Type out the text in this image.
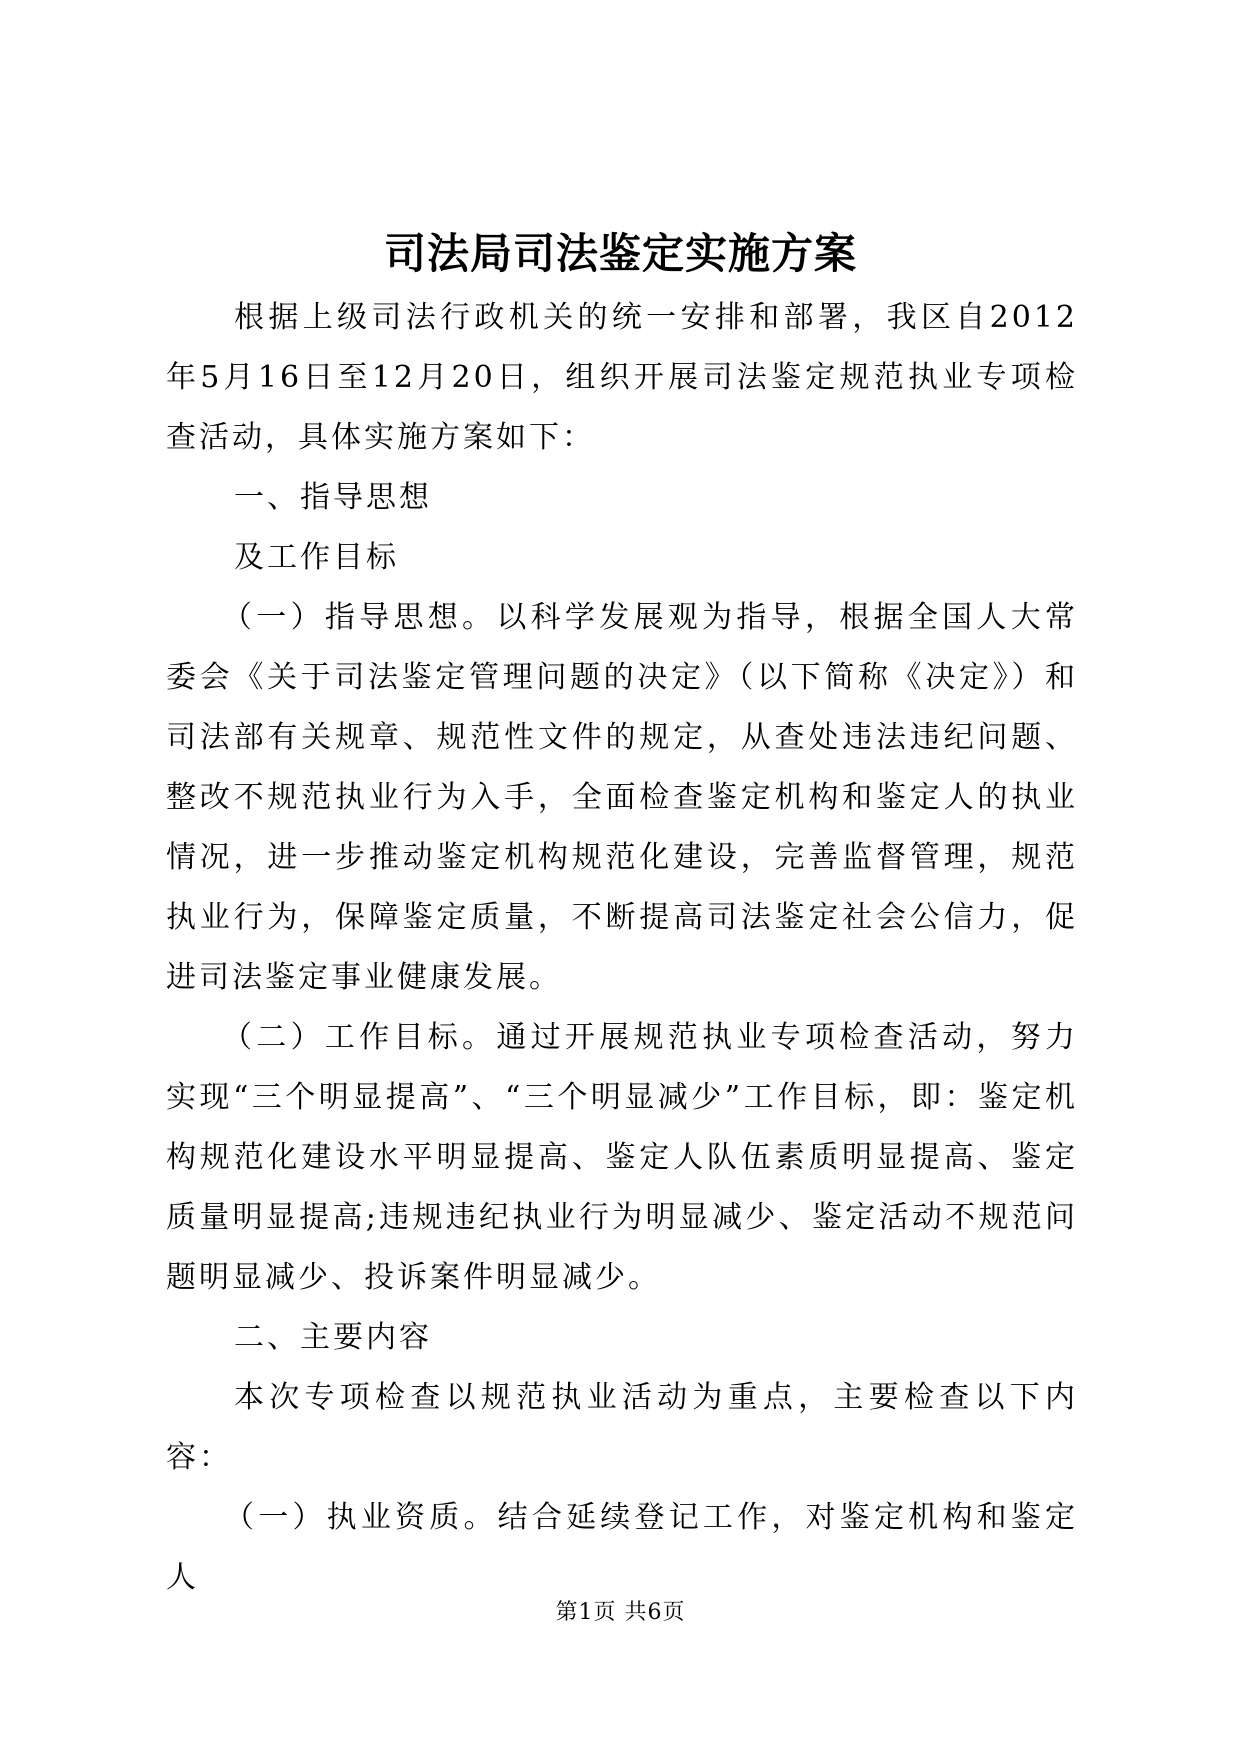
司法局司法鉴定实施方案

根据上级司法行政机关的统一安排和部署，我区自2012年5月16日至12月20日，组织开展司法鉴定规范执业专项检查活动，具体实施方案如下：

一、指导思想

及工作目标

（一）指导思想。以科学发展观为指导，根据全国人大常委会《关于司法鉴定管理问题的决定》（以下简称《决定》）和司法部有关规章、规范性文件的规定，从查处违法违纪问题、整改不规范执业行为入手，全面检查鉴定机构和鉴定人的执业情况，进一步推动鉴定机构规范化建设，完善监督管理，规范执业行为，保障鉴定质量，不断提高司法鉴定社会公信力，促进司法鉴定事业健康发展。

（二）工作目标。通过开展规范执业专项检查活动，努力实现“三个明显提高”、“三个明显减少”工作目标，即：鉴定机构规范化建设水平明显提高、鉴定人队伍素质明显提高、鉴定质量明显提高;违规违纪执业行为明显减少、鉴定活动不规范问题明显减少、投诉案件明显减少。

二、主要内容

本次专项检查以规范执业活动为重点，主要检查以下内容：

（一）执业资质。结合延续登记工作，对鉴定机构和鉴定人

第1页 共6页
